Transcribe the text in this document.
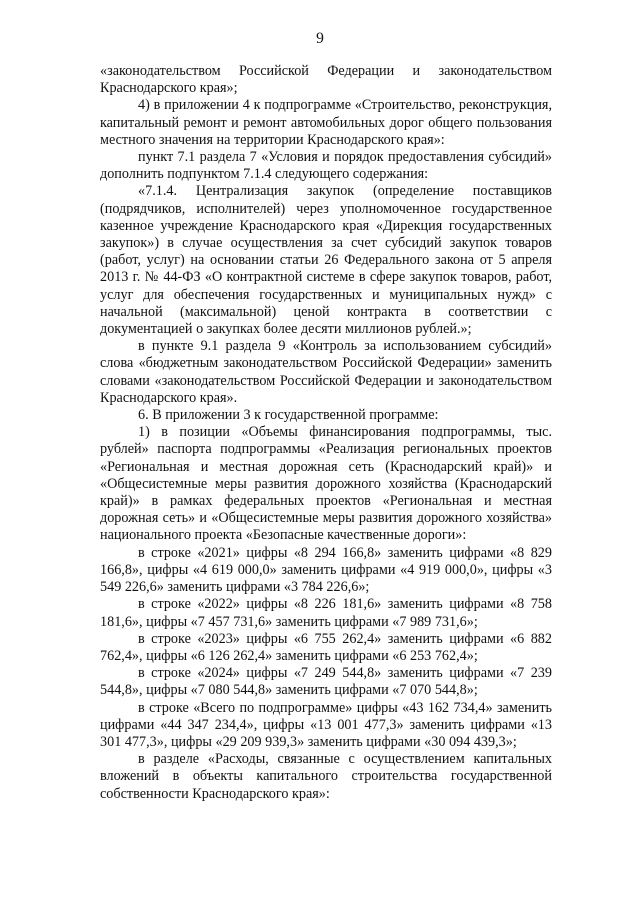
9

«законодательством Российской Федерации и законодательством Краснодарского края»;

4) в приложении 4 к подпрограмме «Строительство, реконструкция, капитальный ремонт и ремонт автомобильных дорог общего пользования местного значения на территории Краснодарского края»:

пункт 7.1 раздела 7 «Условия и порядок предоставления субсидий» дополнить подпунктом 7.1.4 следующего содержания:

«7.1.4. Централизация закупок (определение поставщиков (подрядчиков, исполнителей) через уполномоченное государственное казенное учреждение Краснодарского края «Дирекция государственных закупок») в случае осуществления за счет субсидий закупок товаров (работ, услуг) на основании статьи 26 Федерального закона от 5 апреля 2013 г. № 44-ФЗ «О контрактной системе в сфере закупок товаров, работ, услуг для обеспечения государственных и муниципальных нужд» с начальной (максимальной) ценой контракта в соответствии с документацией о закупках более десяти миллионов рублей.»;

в пункте 9.1 раздела 9 «Контроль за использованием субсидий» слова «бюджетным законодательством Российской Федерации» заменить словами «законодательством Российской Федерации и законодательством Краснодарского края».

6. В приложении 3 к государственной программе:

1) в позиции «Объемы финансирования подпрограммы, тыс. рублей» паспорта подпрограммы «Реализация региональных проектов «Региональная и местная дорожная сеть (Краснодарский край)» и «Общесистемные меры развития дорожного хозяйства (Краснодарский край)» в рамках федеральных проектов «Региональная и местная дорожная сеть» и «Общесистемные меры развития дорожного хозяйства» национального проекта «Безопасные качественные дороги»:

в строке «2021» цифры «8 294 166,8» заменить цифрами «8 829 166,8», цифры «4 619 000,0» заменить цифрами «4 919 000,0», цифры «3 549 226,6» заменить цифрами «3 784 226,6»;

в строке «2022» цифры «8 226 181,6» заменить цифрами «8 758 181,6», цифры «7 457 731,6» заменить цифрами «7 989 731,6»;

в строке «2023» цифры «6 755 262,4» заменить цифрами «6 882 762,4», цифры «6 126 262,4» заменить цифрами «6 253 762,4»;

в строке «2024» цифры «7 249 544,8» заменить цифрами «7 239 544,8», цифры «7 080 544,8» заменить цифрами «7 070 544,8»;

в строке «Всего по подпрограмме» цифры «43 162 734,4» заменить цифрами «44 347 234,4», цифры «13 001 477,3» заменить цифрами «13 301 477,3», цифры «29 209 939,3» заменить цифрами «30 094 439,3»;

в разделе «Расходы, связанные с осуществлением капитальных вложений в объекты капитального строительства государственной собственности Краснодарского края»:
